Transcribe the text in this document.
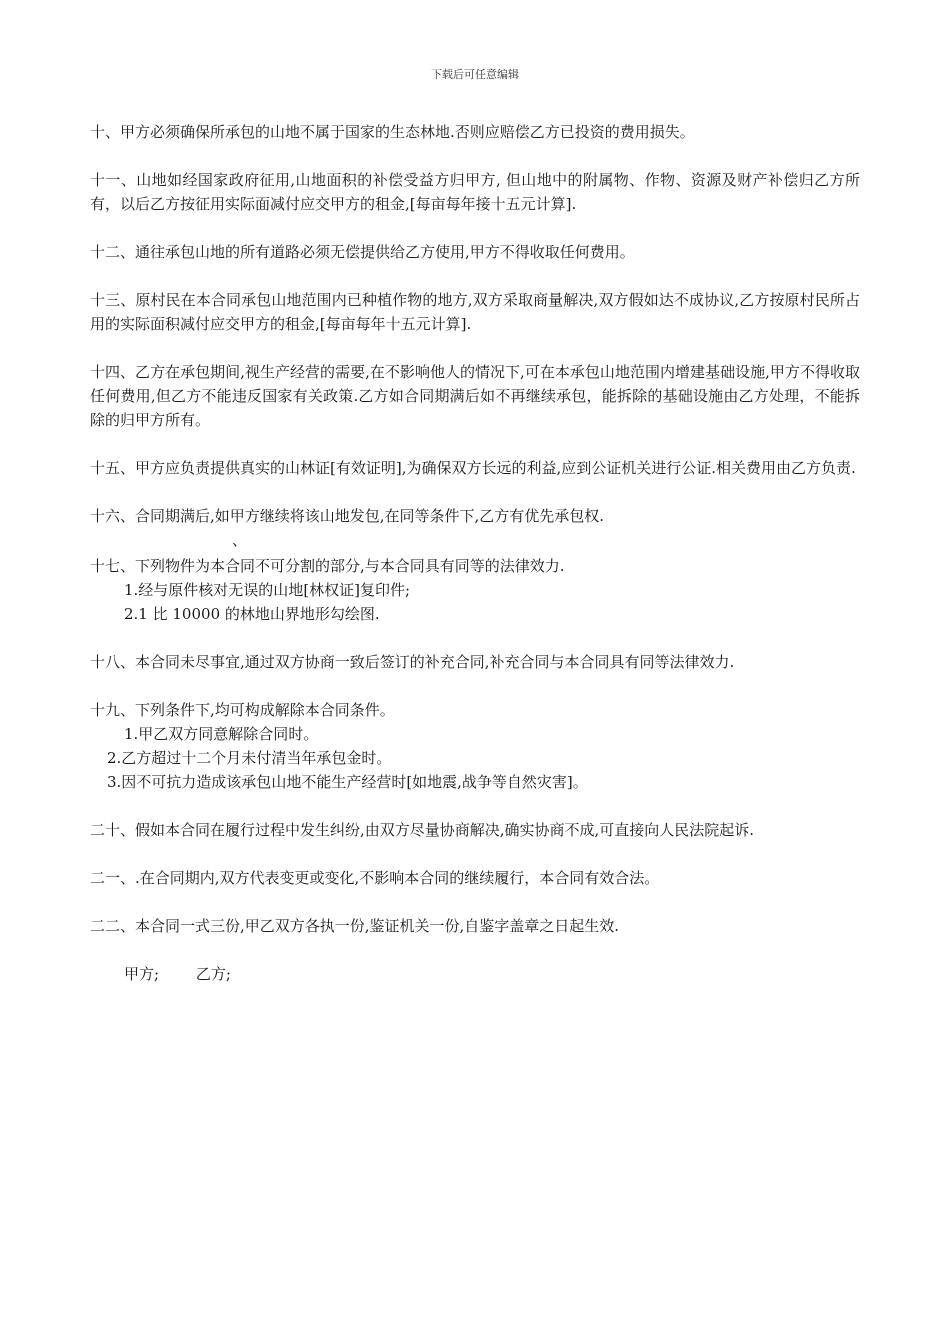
下载后可任意编辑

十、甲方必须确保所承包的山地不属于国家的生态林地.否则应赔偿乙方已投资的费用损失。

十一、山地如经国家政府征用,山地面积的补偿受益方归甲方, 但山地中的附属物、作物、资源及财产补偿归乙方所有，以后乙方按征用实际面减付应交甲方的租金,[每亩每年接十五元计算].

十二、通往承包山地的所有道路必须无偿提供给乙方使用,甲方不得收取任何费用。

十三、原村民在本合同承包山地范围内已种植作物的地方,双方采取商量解决,双方假如达不成协议,乙方按原村民所占用的实际面积减付应交甲方的租金,[每亩每年十五元计算].

十四、乙方在承包期间,视生产经营的需要,在不影响他人的情况下,可在本承包山地范围内增建基础设施,甲方不得收取任何费用,但乙方不能违反国家有关政策.乙方如合同期满后如不再继续承包，能拆除的基础设施由乙方处理，不能拆除的归甲方所有。

十五、甲方应负责提供真实的山林证[有效证明],为确保双方长远的利益,应到公证机关进行公证.相关费用由乙方负责.

十六、合同期满后,如甲方继续将该山地发包,在同等条件下,乙方有优先承包权.

、

十七、下列物件为本合同不可分割的部分,与本合同具有同等的法律效力.

1.经与原件核对无误的山地[林权证]复印件;

2.1 比 10000 的林地山界地形勾绘图.

十八、本合同未尽事宜,通过双方协商一致后签订的补充合同,补充合同与本合同具有同等法律效力.

十九、下列条件下,均可构成解除本合同条件。

1.甲乙双方同意解除合同时。

2.乙方超过十二个月未付清当年承包金时。

3.因不可抗力造成该承包山地不能生产经营时[如地震,战争等自然灾害]。

二十、假如本合同在履行过程中发生纠纷,由双方尽量协商解决,确实协商不成,可直接向人民法院起诉.

二一、.在合同期内,双方代表变更或变化,不影响本合同的继续履行，本合同有效合法。

二二、本合同一式三份,甲乙双方各执一份,鉴证机关一份,自鉴字盖章之日起生效.

甲方; 乙方;
